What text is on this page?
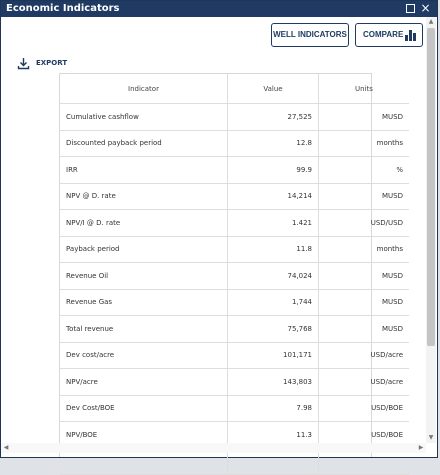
Economic Indicators	×
WELL INDICATORS COMPARE
EXPORT
Indicator	Value	Units
Cumulative cashflow	27,525	MUSD
Discounted payback period	12.8	months
IRR	99.9	%
NPV @ D. rate	14,214	MUSD
NPV/I @ D. rate	1.421	USD/USD
Payback period	11.8	months
Revenue Oil	74,024	MUSD
Revenue Gas	1,744	MUSD
Total revenue	75,768	MUSD
Dev cost/acre	101,171	USD/acre
NPV/acre	143,803	USD/acre
Dev Cost/BOE	7.98	USD/BOE
NPV/BOE	11.3	USD/BOE

▲
▼
◀	▶
